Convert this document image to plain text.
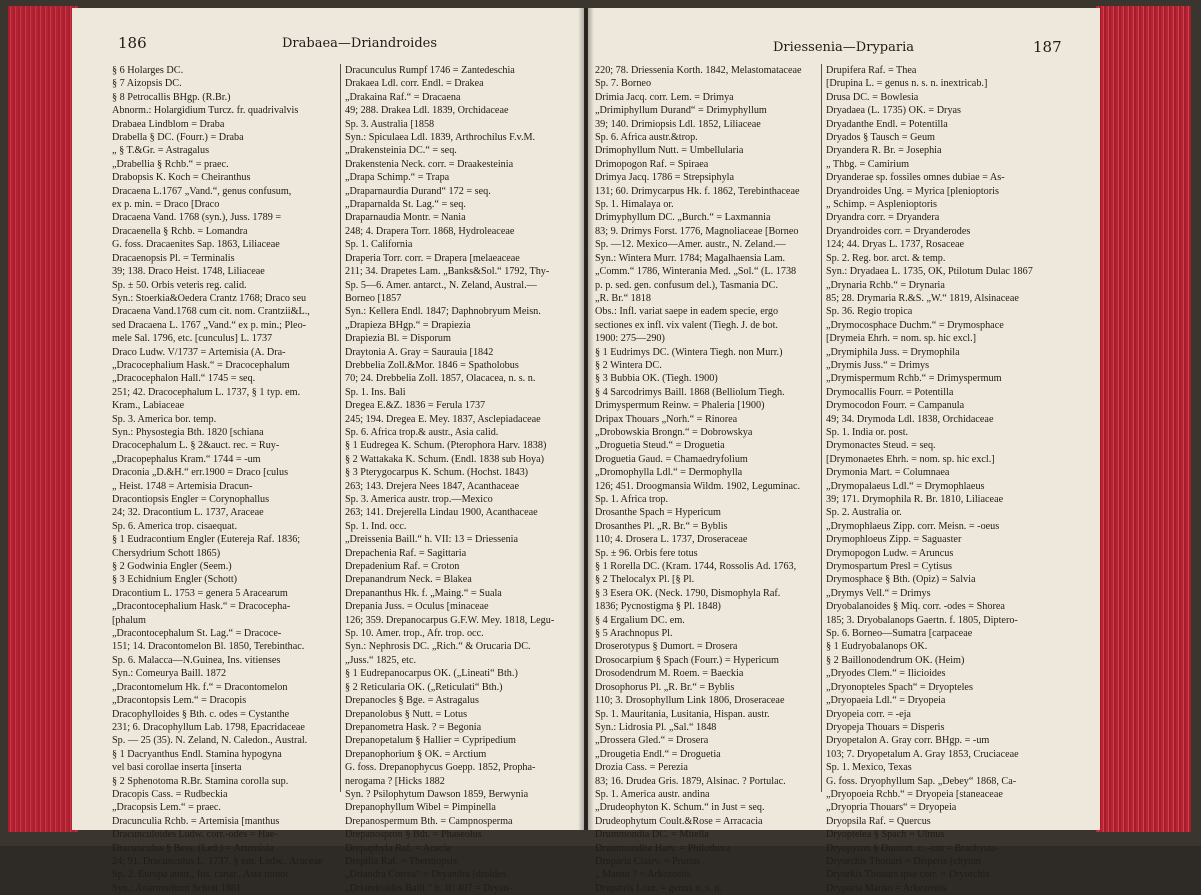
186	Drabaea—Driandroides
§ 6 Holarges DC.
§ 7 Aizopsis DC.
§ 8 Petrocallis BHgp. (R.Br.)
Abnorm.: Holargidium Turcz. fr. quadrivalvis
Drabaea Lindblom = Draba
Drabella § DC. (Fourr.) = Draba
„ § T.&Gr. = Astragalus
„Drabellia § Rchb.“ = praec.
Drabopsis K. Koch = Cheiranthus
Dracaena L.1767 „Vand.“, genus confusum,
ex p. min. = Draco [Draco
Dracaena Vand. 1768 (syn.), Juss. 1789 =
Dracaenella § Rchb. = Lomandra
G. foss. Dracaenites Sap. 1863, Liliaceae
Dracaenopsis Pl. = Terminalis
39; 138. Draco Heist. 1748, Liliaceae
Sp. ± 50. Orbis veteris reg. calid.
Syn.: Stoerkia&Oedera Crantz 1768; Draco seu
Dracaena Vand.1768 cum cit. nom. Crantzii&L.,
sed Dracaena L. 1767 „Vand.“ ex p. min.; Pleo-
mele Sal. 1796, etc. [cunculus] L. 1737
Draco Ludw. V/1737 = Artemisia (A. Dra-
„Dracocephalium Hask.“ = Dracocephalum
„Dracocephalon Hall.“ 1745 = seq.
251; 42. Dracocephalum L. 1737, § 1 typ. em.
Kram., Labiaceae
Sp. 3. America bor. temp.
Syn.: Physostegia Bth. 1820 [schiana
Dracocephalum L. § 2&auct. rec. = Ruy-
„Dracopephalus Kram.“ 1744 = -um
Draconia „D.&H.“ err.1900 = Draco [culus
„ Heist. 1748 = Artemisia Dracun-
Dracontiopsis Engler = Corynophallus
24; 32. Dracontium L. 1737, Araceae
Sp. 6. America trop. cisaequat.
§ 1 Eudracontium Engler (Eutereja Raf. 1836;
Chersydrium Schott 1865)
§ 2 Godwinia Engler (Seem.)
§ 3 Echidnium Engler (Schott)
Dracontium L. 1753 = genera 5 Aracearum
„Dracontocephalium Hask.“ = Dracocepha-
[phalum
„Dracontocephalum St. Lag.“ = Dracoce-
151; 14. Dracontomelon Bl. 1850, Terebinthac.
Sp. 6. Malacca—N.Guinea, Ins. vitienses
Syn.: Comeurya Baill. 1872
„Dracontomelum Hk. f.“ = Dracontomelon
„Dracontopsis Lem.“ = Dracopis
Dracophylloides § Bth. c. odes = Cystanthe
231; 6. Dracophyllum Lab. 1798, Epacridaceae
Sp. — 25 (35). N. Zeland, N. Caledon., Austral.
§ 1 Dacryanthus Endl. Stamina hypogyna
vel basi corollae inserta [inserta
§ 2 Sphenotoma R.Br. Stamina corolla sup.
Dracopis Cass. = Rudbeckia
„Dracopsis Lem.“ = praec.
Dracunculia Rchb. = Artemisia [manthus
Dracunculoides Ludw. corr.-odes = Hae-
Dracunculus § Bess. (Led.) = Artemisia
24; 91. Dracunculus L. 1737, § em. Ludw., Araceae
Sp. 2. Europa austr., Ins. canar., Asia minor
Syn.: Anarmodium Schott 1861
Dracunculus Rumpf 1746 = Zantedeschia
Drakaea Ldl. corr. Endl. = Drakea
„Drakaina Raf.“ = Dracaena
49; 288. Drakea Ldl. 1839, Orchidaceae
Sp. 3. Australia [1858
Syn.: Spiculaea Ldl. 1839, Arthrochilus F.v.M.
„Drakensteinia DC.“ = seq.
Drakenstenia Neck. corr. = Draakesteinia
„Drapa Schimp.“ = Trapa
„Draparnaurdia Durand“ 172 = seq.
„Draparnalda St. Lag.“ = seq.
Draparnaudia Montr. = Nania
248; 4. Drapera Torr. 1868, Hydroleaceae
Sp. 1. California
Draperia Torr. corr. = Drapera [melaeaceae
211; 34. Drapetes Lam. „Banks&Sol.“ 1792, Thy-
Sp. 5—6. Amer. antarct., N. Zeland, Austral.—
Borneo [1857
Syn.: Kellera Endl. 1847; Daphnobryum Meisn.
„Drapieza BHgp.“ = Drapiezia
Drapiezia Bl. = Disporum
Draytonia A. Gray = Saurauia [1842
Drebbelia Zoll.&Mor. 1846 = Spatholobus
70; 24. Drebbelia Zoll. 1857, Olacacea, n. s. n.
Sp. 1. Ins. Bali
Dregea E.&Z. 1836 = Ferula 1737
245; 194. Dregea E. Mey. 1837, Asclepiadaceae
Sp. 6. Africa trop.& austr., Asia calid.
§ 1 Eudregea K. Schum. (Pterophora Harv. 1838)
§ 2 Wattakaka K. Schum. (Endl. 1838 sub Hoya)
§ 3 Pterygocarpus K. Schum. (Hochst. 1843)
263; 143. Drejera Nees 1847, Acanthaceae
Sp. 3. America austr. trop.—Mexico
263; 141. Drejerella Lindau 1900, Acanthaceae
Sp. 1. Ind. occ.
„Dreissenia Baill.“ h. VII: 13 = Driessenia
Drepachenia Raf. = Sagittaria
Drepadenium Raf. = Croton
Drepanandrum Neck. = Blakea
Drepananthus Hk. f. „Maing.“ = Suala
Drepania Juss. = Oculus [minaceae
126; 359. Drepanocarpus G.F.W. Mey. 1818, Legu-
Sp. 10. Amer. trop., Afr. trop. occ.
Syn.: Nephrosis DC. „Rich.“ & Orucaria DC.
„Juss.“ 1825, etc.
§ 1 Eudrepanocarpus OK. („Lineati“ Bth.)
§ 2 Reticularia OK. („Reticulati“ Bth.)
Drepanocles § Bge. = Astragalus
Drepanolobus § Nutt. = Lotus
Drepanometra Hask. ? = Begonia
Drepanopetalum § Hallier = Cypripedium
Drepanophorium § OK. = Arctium
G. foss. Drepanophycus Goepp. 1852, Propha-
nerogama ? [Hicks 1882
Syn. ? Psilophytum Dawson 1859, Berwynia
Drepanophyllum Wibel = Pimpinella
Drepanospermum Bth. = Campnosperma
Drepanospron § Bth. = Phaseolus
Drepaphyla Raf. = Acacia
Drepilia Raf. = Thermopsis
„Driandra Correa“ = Dryandra [droides
„Driandroides Baill.“ h. II: 407 = Dryan-
Driessenia—Dryparia	187
220; 78. Driessenia Korth. 1842, Melastomataceae
Sp. 7. Borneo
Drimia Jacq. corr. Lem. = Drimya
„Drimiphyllum Durand“ = Drimyphyllum
39; 140. Drimiopsis Ldl. 1852, Liliaceae
Sp. 6. Africa austr.&trop.
Drimophyllum Nutt. = Umbellularia
Drimopogon Raf. = Spiraea
Drimya Jacq. 1786 = Strepsiphyla
131; 60. Drimycarpus Hk. f. 1862, Terebinthaceae
Sp. 1. Himalaya or.
Drimyphyllum DC. „Burch.“ = Laxmannia
83; 9. Drimys Forst. 1776, Magnoliaceae [Borneo
Sp. —12. Mexico—Amer. austr., N. Zeland.—
Syn.: Wintera Murr. 1784; Magalhaensia Lam.
„Comm.“ 1786, Winterania Med. „Sol.“ (L. 1738
p. p. sed. gen. confusum del.), Tasmania DC.
„R. Br.“ 1818
Obs.: Infl. variat saepe in eadem specie, ergo
sectiones ex infl. vix valent (Tiegh. J. de bot.
1900: 275—290)
§ 1 Eudrimys DC. (Wintera Tiegh. non Murr.)
§ 2 Wintera DC.
§ 3 Bubbia OK. (Tiegh. 1900)
§ 4 Sarcodrimys Baill. 1868 (Belliolum Tiegh.
Drimyspermum Reinw. = Phaleria [1900)
Dripax Thouars „Norh.“ = Rinorea
„Drobowskia Brongn.“ = Dobrowskya
„Droguetia Steud.“ = Droguetia
Droguetia Gaud. = Chamaedryfolium
„Dromophylla Ldl.“ = Dermophylla
126; 451. Droogmansia Wildm. 1902, Leguminac.
Sp. 1. Africa trop.
Drosanthe Spach = Hypericum
Drosanthes Pl. „R. Br.“ = Byblis
110; 4. Drosera L. 1737, Droseraceae
Sp. ± 96. Orbis fere totus
§ 1 Rorella DC. (Kram. 1744, Rossolis Ad. 1763,
§ 2 Thelocalyx Pl. [§ Pl.
§ 3 Esera OK. (Neck. 1790, Dismophyla Raf.
1836; Pycnostigma § Pl. 1848)
§ 4 Ergalium DC. em.
§ 5 Arachnopus Pl.
Droserotypus § Dumort. = Drosera
Drosocarpium § Spach (Fourr.) = Hypericum
Drosodendrum M. Roem. = Baeckia
Drosophorus Pl. „R. Br.“ = Byblis
110; 3. Drosophyllum Link 1806, Droseraceae
Sp. 1. Mauritania, Lusitania, Hispan. austr.
Syn.: Lidrosia Pl. „Sal.“ 1848
„Drossera Gled.“ = Drosera
„Drougetia Endl.“ = Droguetia
Drozia Cass. = Perezia
83; 16. Drudea Gris. 1879, Alsinac. ? Portulac.
Sp. 1. America austr. andina
„Drudeophyton K. Schum.“ in Just = seq.
Drudeophytum Coult.&Rose = Arracacia
Drummondia DC. = Mitella
Drummondita Harv. = Philotheca
Druparia Clairv. = Prunus
„ Manso ? = Arkezostis
Drupatris Lour. = genus n. s. n.
Drupifera Raf. = Thea
[Drupina L. = genus n. s. n. inextricab.]
Drusa DC. = Bowlesia
Dryadaea (L. 1735) OK. = Dryas
Dryadanthe Endl. = Potentilla
Dryados § Tausch = Geum
Dryandera R. Br. = Josephia
„ Thbg. = Camirium
Dryanderae sp. fossiles omnes dubiae = As-
Dryandroides Ung. = Myrica [plenioptoris
„ Schimp. = Asplenioptoris
Dryandra corr. = Dryandera
Dryandroides corr. = Dryanderodes
124; 44. Dryas L. 1737, Rosaceae
Sp. 2. Reg. bor. arct. & temp.
Syn.: Dryadaea L. 1735, OK, Ptilotum Dulac 1867
„Drynaria Rchb.“ = Drynaria
85; 28. Drymaria R.&S. „W.“ 1819, Alsinaceae
Sp. 36. Regio tropica
„Drymocosphace Duchm.“ = Drymosphace
[Drymeia Ehrh. = nom. sp. hic excl.]
„Drymiphila Juss. = Drymophila
„Drymis Juss.“ = Drimys
„Drymispermum Rchb.“ = Drimyspermum
Drymocallis Fourr. = Potentilla
Drymocodon Fourr. = Campanula
49; 34. Drymoda Ldl. 1838, Orchidaceae
Sp. 1. India or. post.
Drymonactes Steud. = seq.
[Drymonaetes Ehrh. = nom. sp. hic excl.]
Drymonia Mart. = Columnaea
„Drymopalaeus Ldl.“ = Drymophlaeus
39; 171. Drymophila R. Br. 1810, Liliaceae
Sp. 2. Australia or.
„Drymophlaeus Zipp. corr. Meisn. = -oeus
Drymophloeus Zipp. = Saguaster
Drymopogon Ludw. = Aruncus
Drymospartum Presl = Cytisus
Drymosphace § Bth. (Opiz) = Salvia
„Drymys Vell.“ = Drimys
Dryobalanoides § Miq. corr. -odes = Shorea
185; 3. Dryobalanops Gaertn. f. 1805, Diptero-
Sp. 6. Borneo—Sumatra [carpaceae
§ 1 Eudryobalanops OK.
§ 2 Baillonodendrum OK. (Heim)
„Dryodes Clem.“ = Ilicioides
„Dryonopteles Spach“ = Dryopteles
„Dryopaeia Ldl.“ = Dryopeia
Dryopeia corr. = -eja
Dryopeja Thouars = Disperis
Dryopetalon A. Gray corr. BHgp. = -um
103; 7. Dryopetalum A. Gray 1853, Cruciaceae
Sp. 1. Mexico, Texas
G. foss. Dryophyllum Sap. „Debey“ 1868, Ca-
„Dryopoeia Rchb.“ = Dryopeia [staneaceae
„Dryopria Thouars“ = Dryopeia
Dryopsila Raf. = Quercus
Dryoptelea § Spach = Ulmus
Dryopyron § Dumort. c. -um = Brachysta-
Dryorchis Thouars = Disperis [chyum
Dryorkis Thouars ipse corr. = Dryorchis
Dryparia Manso = Arkezostis
